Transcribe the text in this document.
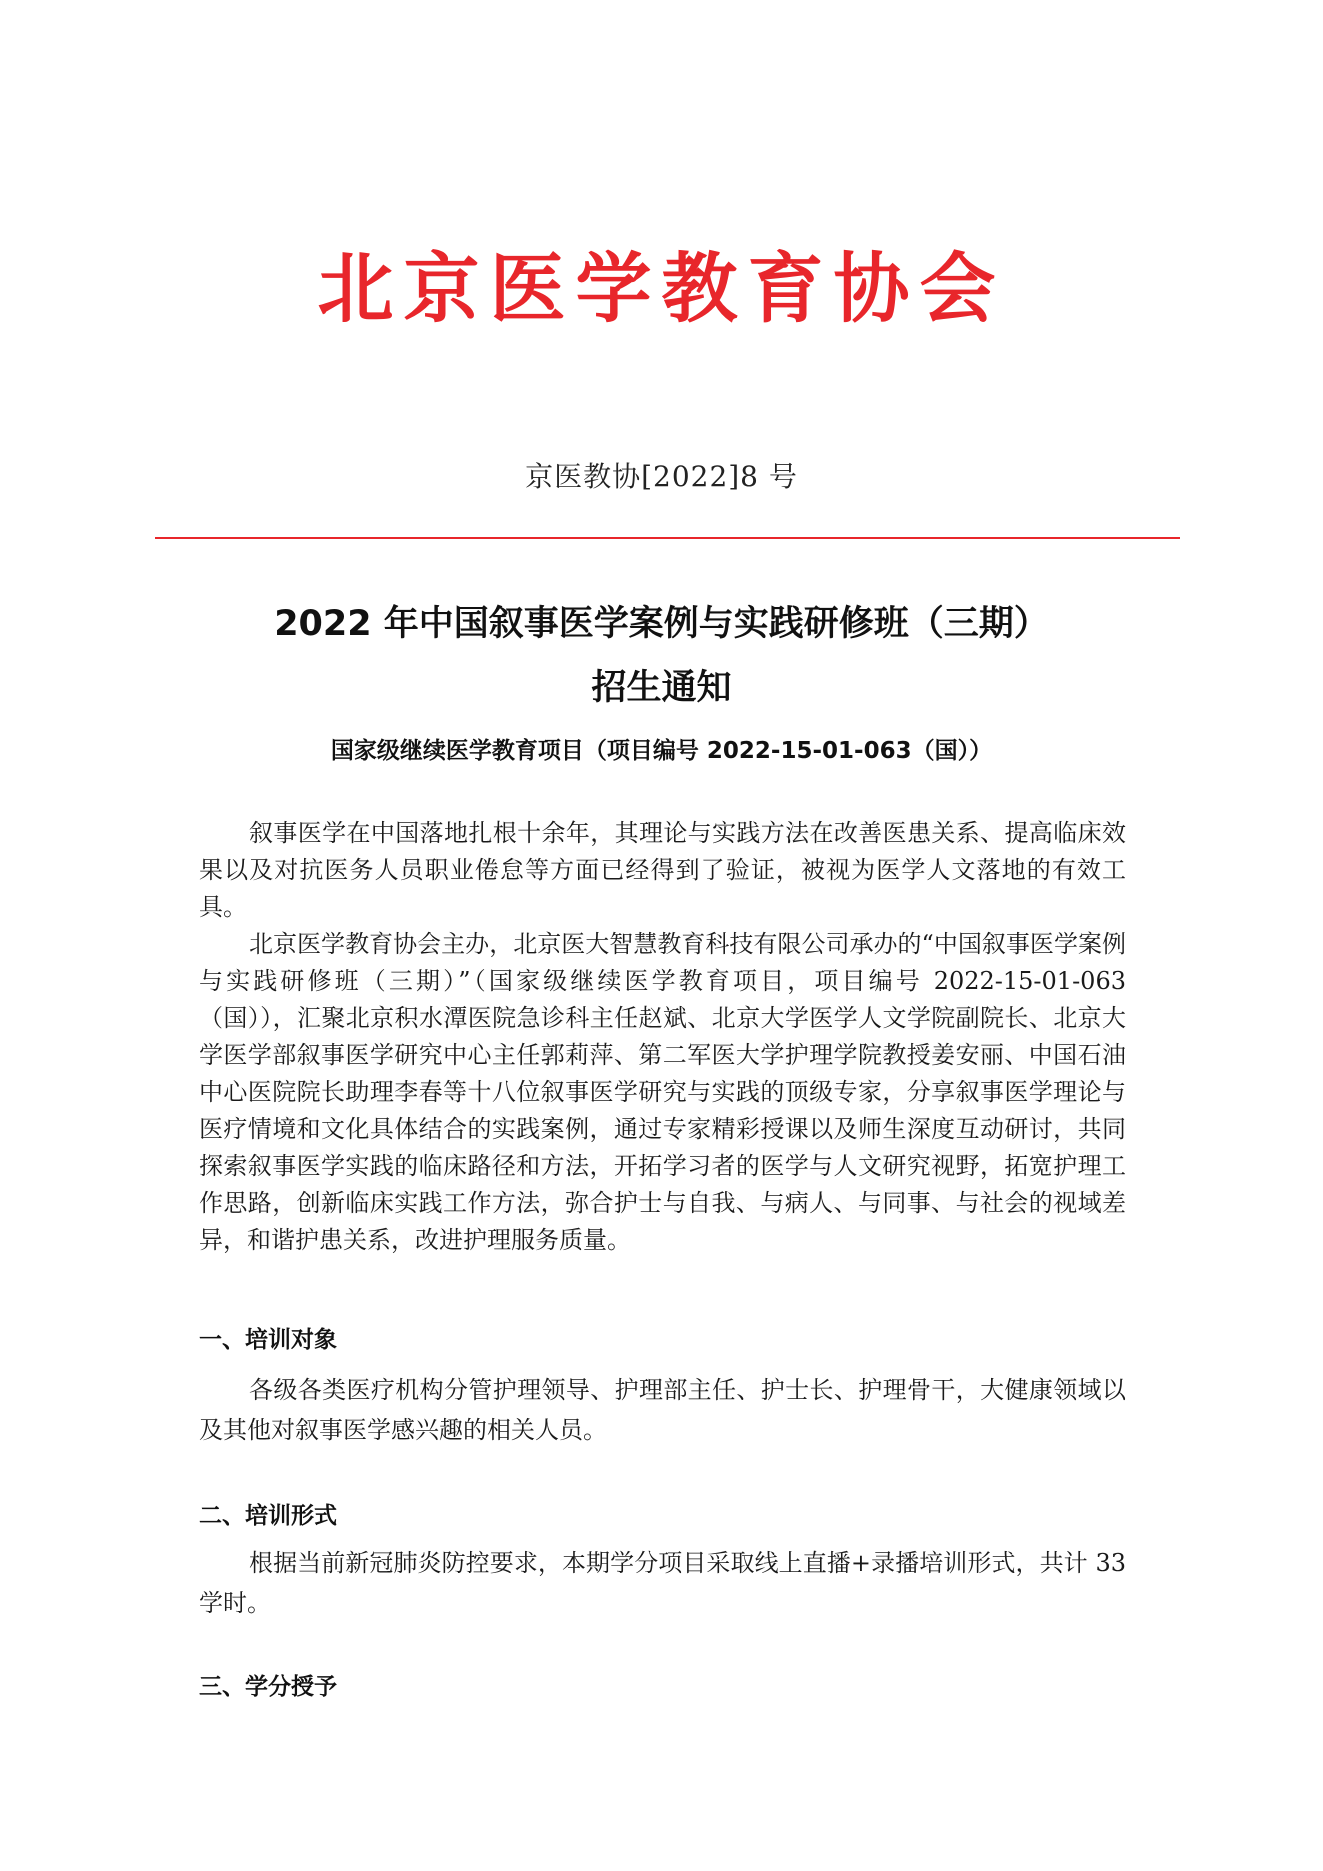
北京医学教育协会
京医教协[2022]8 号
2022 年中国叙事医学案例与实践研修班（三期）
招生通知
国家级继续医学教育项目（项目编号 2022-15-01-063（国））

叙事医学在中国落地扎根十余年，其理论与实践方法在改善医患关系、提高临床效果以及对抗医务人员职业倦怠等方面已经得到了验证，被视为医学人文落地的有效工具。

北京医学教育协会主办，北京医大智慧教育科技有限公司承办的“中国叙事医学案例与实践研修班（三期）”（国家级继续医学教育项目，项目编号 2022-15-01-063（国）），汇聚北京积水潭医院急诊科主任赵斌、北京大学医学人文学院副院长、北京大学医学部叙事医学研究中心主任郭莉萍、第二军医大学护理学院教授姜安丽、中国石油中心医院院长助理李春等十八位叙事医学研究与实践的顶级专家，分享叙事医学理论与医疗情境和文化具体结合的实践案例，通过专家精彩授课以及师生深度互动研讨，共同探索叙事医学实践的临床路径和方法，开拓学习者的医学与人文研究视野，拓宽护理工作思路，创新临床实践工作方法，弥合护士与自我、与病人、与同事、与社会的视域差异，和谐护患关系，改进护理服务质量。

一、培训对象

各级各类医疗机构分管护理领导、护理部主任、护士长、护理骨干，大健康领域以及其他对叙事医学感兴趣的相关人员。

二、培训形式

根据当前新冠肺炎防控要求，本期学分项目采取线上直播+录播培训形式，共计 33 学时。

三、学分授予
